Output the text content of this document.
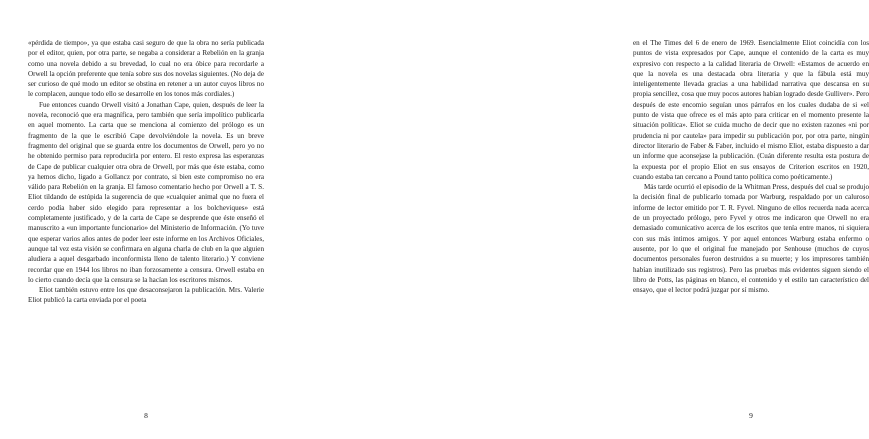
«pérdida de tiempo», ya que estaba casi seguro de que la obra no sería publicada por el editor, quien, por otra parte, se negaba a considerar a Rebelión en la granja como una novela debido a su brevedad, lo cual no era óbice para recordarle a Orwell la opción preferente que tenía sobre sus dos novelas siguientes. (No deja de ser curioso de qué modo un editor se obstina en retener a un autor cuyos libros no le complacen, aunque todo ello se desarrolle en los tonos más cordiales.)

Fue entonces cuando Orwell visitó a Jonathan Cape, quien, después de leer la novela, reconoció que era magnífica, pero también que sería impolítico publicarla en aquel momento. La carta que se menciona al comienzo del prólogo es un fragmento de la que le escribió Cape devolviéndole la novela. Es un breve fragmento del original que se guarda entre los documentos de Orwell, pero yo no he obtenido permiso para reproducirla por entero. El resto expresa las esperanzas de Cape de publicar cualquier otra obra de Orwell, por más que éste estaba, como ya hemos dicho, ligado a Gollancz por contrato, si bien este compromiso no era válido para Rebelión en la granja. El famoso comentario hecho por Orwell a T. S. Eliot tildando de estúpida la sugerencia de que «cualquier animal que no fuera el cerdo podía haber sido elegido para representar a los bolcheviques» está completamente justificado, y de la carta de Cape se desprende que éste enseñó el manuscrito a «un importante funcionario» del Ministerio de Información. (Yo tuve que esperar varios años antes de poder leer este informe en los Archivos Oficiales, aunque tal vez esta visión se confirmara en alguna charla de club en la que alguien aludiera a aquel desgarbado inconformista lleno de talento literario.) Y conviene recordar que en 1944 los libros no iban forzosamente a censura. Orwell estaba en lo cierto cuando decía que la censura se la hacían los escritores mismos.

Eliot también estuvo entre los que desaconsejaron la publicación. Mrs. Valerie Eliot publicó la carta enviada por el poeta

8

en el The Times del 6 de enero de 1969. Esencialmente Eliot coincidía con los puntos de vista expresados por Cape, aunque el contenido de la carta es muy expresivo con respecto a la calidad literaria de Orwell: «Estamos de acuerdo en que la novela es una destacada obra literaria y que la fábula está muy inteligentemente llevada gracias a una habilidad narrativa que descansa en su propia sencillez, cosa que muy pocos autores habían logrado desde Gulliver». Pero después de este encomio seguían unos párrafos en los cuales dudaba de si «el punto de vista que ofrece es el más apto para criticar en el momento presente la situación política». Eliot se cuida mucho de decir que no existen razones «ni por prudencia ni por cautela» para impedir su publicación por, por otra parte, ningún director literario de Faber & Faber, incluido el mismo Eliot, estaba dispuesto a dar un informe que aconsejase la publicación. (Cuán diferente resulta esta postura de la expuesta por el propio Eliot en sus ensayos de Criterion escritos en 1920, cuando estaba tan cercano a Pound tanto política como poéticamente.)

Más tarde ocurrió el episodio de la Whitman Press, después del cual se produjo la decisión final de publicarlo tomada por Warburg, respaldado por un caluroso informe de lector emitido por T. R. Fyvel. Ninguno de ellos recuerda nada acerca de un proyectado prólogo, pero Fyvel y otros me indicaron que Orwell no era demasiado comunicativo acerca de los escritos que tenía entre manos, ni siquiera con sus más íntimos amigos. Y por aquel entonces Warburg estaba enfermo o ausente, por lo que el original fue manejado por Senhouse (muchos de cuyos documentos personales fueron destruidos a su muerte; y los impresores también habían inutilizado sus registros). Pero las pruebas más evidentes siguen siendo el libro de Potts, las páginas en blanco, el contenido y el estilo tan característico del ensayo, que el lector podrá juzgar por sí mismo.

9
